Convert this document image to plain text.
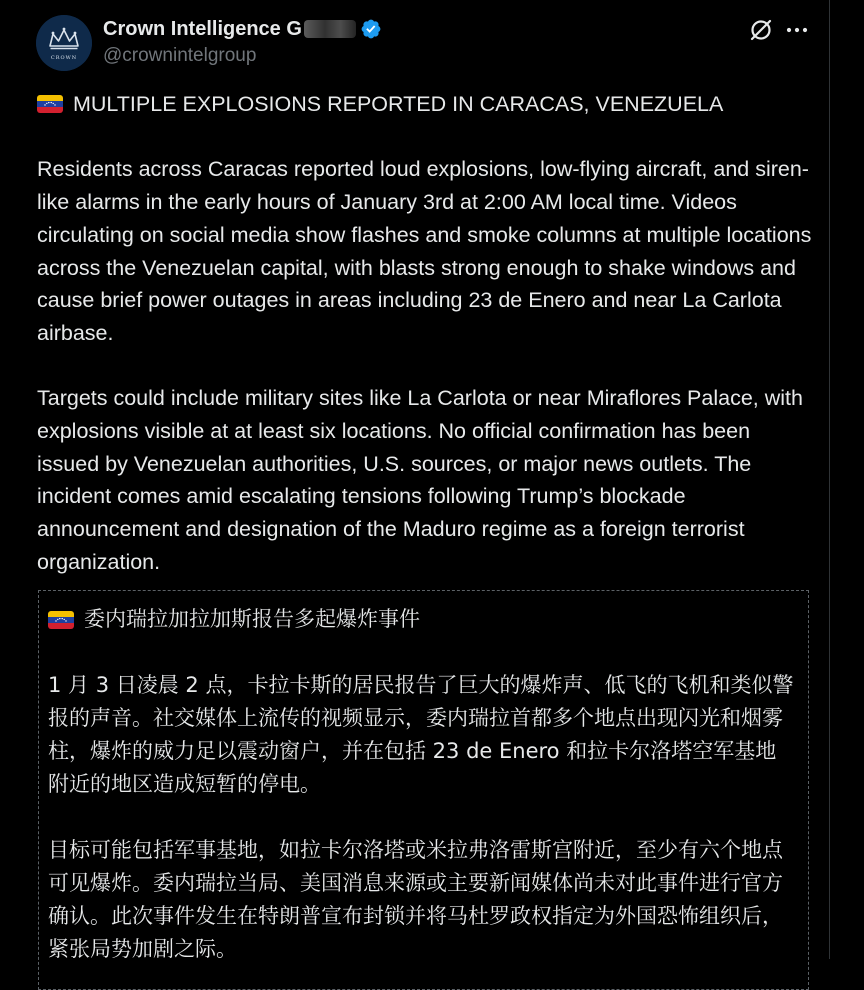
CROWN
Crown Intelligence G
@crownintelgroup
MULTIPLE EXPLOSIONS REPORTED IN CARACAS, VENEZUELA

Residents across Caracas reported loud explosions, low-flying aircraft, and siren-like alarms in the early hours of January 3rd at 2:00 AM local time. Videos circulating on social media show flashes and smoke columns at multiple locations across the Venezuelan capital, with blasts strong enough to shake windows and cause brief power outages in areas including 23 de Enero and near La Carlota airbase.

Targets could include military sites like La Carlota or near Miraflores Palace, with explosions visible at at least six locations. No official confirmation has been issued by Venezuelan authorities, U.S. sources, or major news outlets. The incident comes amid escalating tensions following Trump’s blockade announcement and designation of the Maduro regime as a foreign terrorist organization.

委内瑞拉加拉加斯报告多起爆炸事件

1 月 3 日凌晨 2 点，卡拉卡斯的居民报告了巨大的爆炸声、低飞的飞机和类似警报的声音。社交媒体上流传的视频显示，委内瑞拉首都多个地点出现闪光和烟雾柱，爆炸的威力足以震动窗户，并在包括 23 de Enero 和拉卡尔洛塔空军基地附近的地区造成短暂的停电。

目标可能包括军事基地，如拉卡尔洛塔或米拉弗洛雷斯宫附近，至少有六个地点可见爆炸。委内瑞拉当局、美国消息来源或主要新闻媒体尚未对此事件进行官方确认。此次事件发生在特朗普宣布封锁并将马杜罗政权指定为外国恐怖组织后，紧张局势加剧之际。
